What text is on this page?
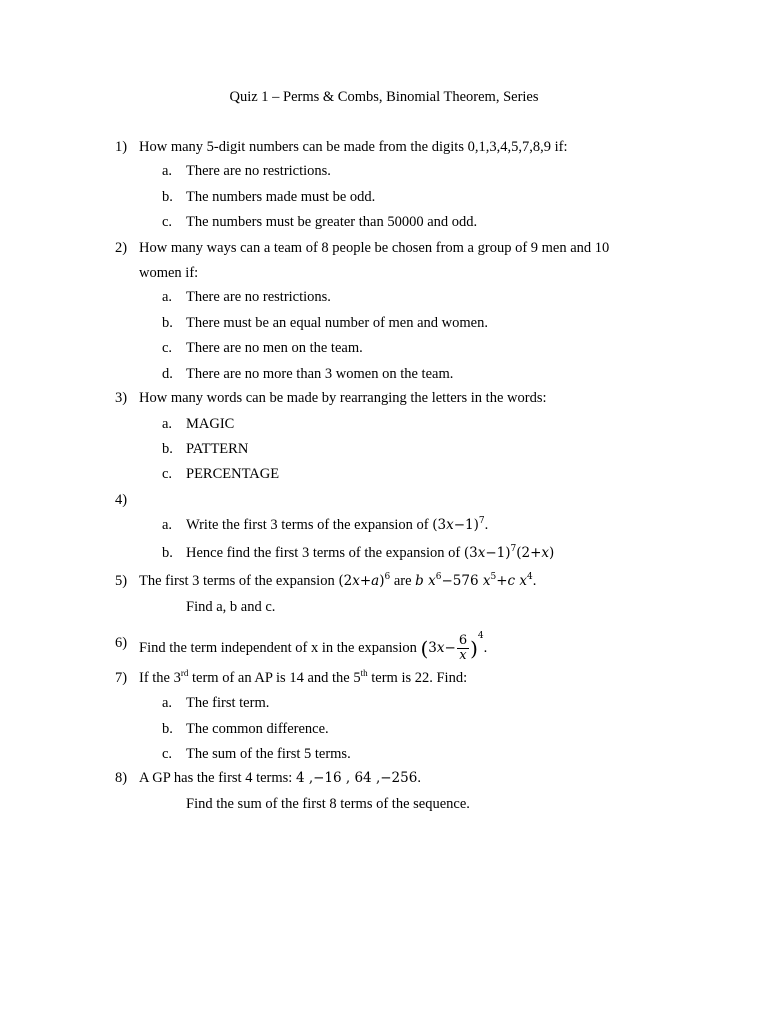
Quiz 1 – Perms & Combs, Binomial Theorem, Series
1) How many 5-digit numbers can be made from the digits 0,1,3,4,5,7,8,9 if:
a. There are no restrictions.
b. The numbers made must be odd.
c. The numbers must be greater than 50000 and odd.
2) How many ways can a team of 8 people be chosen from a group of 9 men and 10
women if:
a. There are no restrictions.
b. There must be an equal number of men and women.
c. There are no men on the team.
d. There are no more than 3 women on the team.
3) How many words can be made by rearranging the letters in the words:
a. MAGIC
b. PATTERN
c. PERCENTAGE
4)
a. Write the first 3 terms of the expansion of $(3x-1)^7$.
b. Hence find the first 3 terms of the expansion of $(3x-1)^7(2+x)$
5) The first 3 terms of the expansion $(2x+a)^6$ are b $x^6-576$ $x^5+c$ $x^4$.
Find a, b and c.
6) Find the term independent of x in the expansion $(3x- \frac{6}{x} )^4$.
7) If the 3rd term of an AP is 14 and the 5th term is 22. Find:
a. The first term.
b. The common difference.
c. The sum of the first 5 terms.
8) A GP has the first 4 terms: 4 ,−16 , 64 ,−256.
Find the sum of the first 8 terms of the sequence.
